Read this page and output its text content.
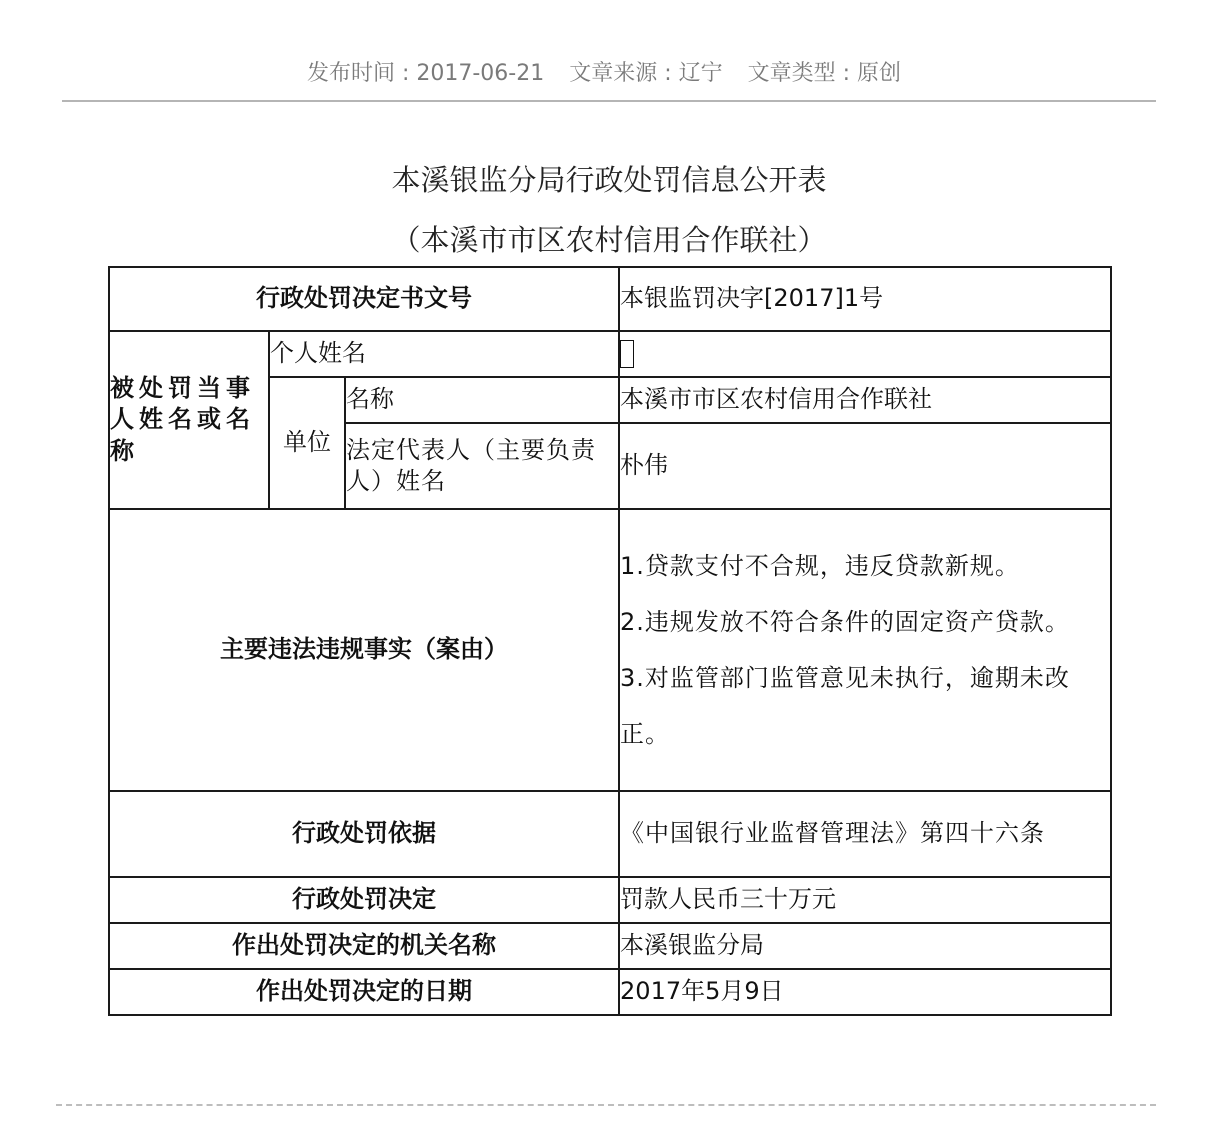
发布时间 : 2017-06-21 文章来源 : 辽宁 文章类型 : 原创
本溪银监分局行政处罚信息公开表
（本溪市市区农村信用合作联社）
行政处罚决定书文号			本银监罚决字[2017]1号
被处罚当事人姓名或名称	个人姓名		
	单位	名称	本溪市市区农村信用合作联社
		法定代表人（主要负责人）姓名	朴伟
主要违法违规事实（案由）			1.贷款支付不合规，违反贷款新规。

2.违规发放不符合条件的固定资产贷款。

3.对监管部门监管意见未执行，逾期未改正。

行政处罚依据			《中国银行业监督管理法》第四十六条
行政处罚决定			罚款人民币三十万元
作出处罚决定的机关名称			本溪银监分局
作出处罚决定的日期			2017年5月9日
